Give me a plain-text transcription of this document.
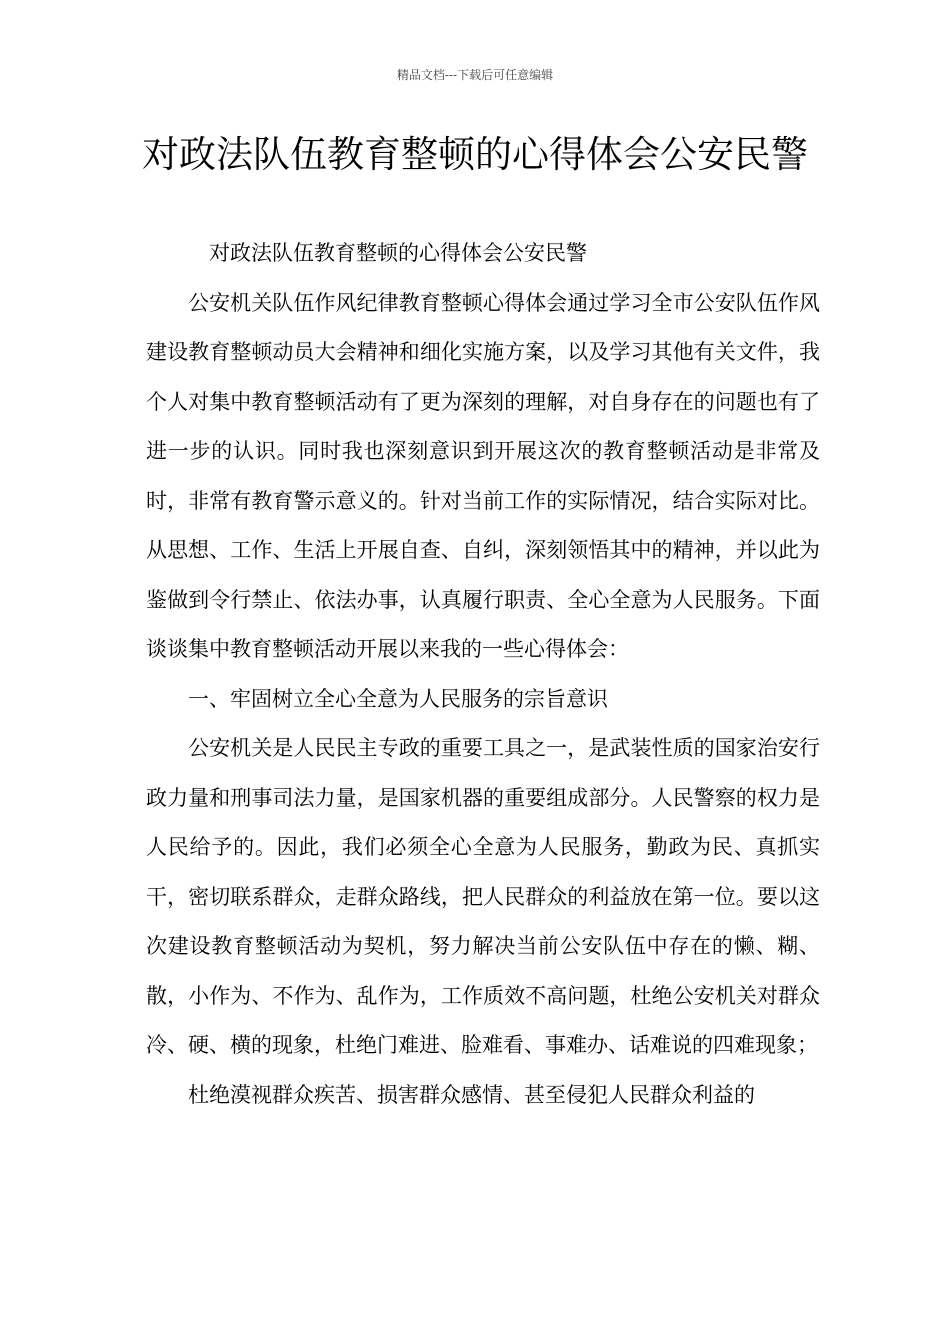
精品文档---下载后可任意编辑
对政法队伍教育整顿的心得体会公安民警

对政法队伍教育整顿的心得体会公安民警

公安机关队伍作风纪律教育整顿心得体会通过学习全市公安队伍作风建设教育整顿动员大会精神和细化实施方案，以及学习其他有关文件，我个人对集中教育整顿活动有了更为深刻的理解，对自身存在的问题也有了进一步的认识。同时我也深刻意识到开展这次的教育整顿活动是非常及时，非常有教育警示意义的。针对当前工作的实际情况，结合实际对比。从思想、工作、生活上开展自查、自纠，深刻领悟其中的精神，并以此为鉴做到令行禁止、依法办事，认真履行职责、全心全意为人民服务。下面谈谈集中教育整顿活动开展以来我的一些心得体会：

一、牢固树立全心全意为人民服务的宗旨意识

公安机关是人民民主专政的重要工具之一，是武装性质的国家治安行政力量和刑事司法力量，是国家机器的重要组成部分。人民警察的权力是人民给予的。因此，我们必须全心全意为人民服务，勤政为民、真抓实干，密切联系群众，走群众路线，把人民群众的利益放在第一位。要以这次建设教育整顿活动为契机，努力解决当前公安队伍中存在的懒、糊、散，小作为、不作为、乱作为，工作质效不高问题，杜绝公安机关对群众冷、硬、横的现象，杜绝门难进、脸难看、事难办、话难说的四难现象；

杜绝漠视群众疾苦、损害群众感情、甚至侵犯人民群众利益的
